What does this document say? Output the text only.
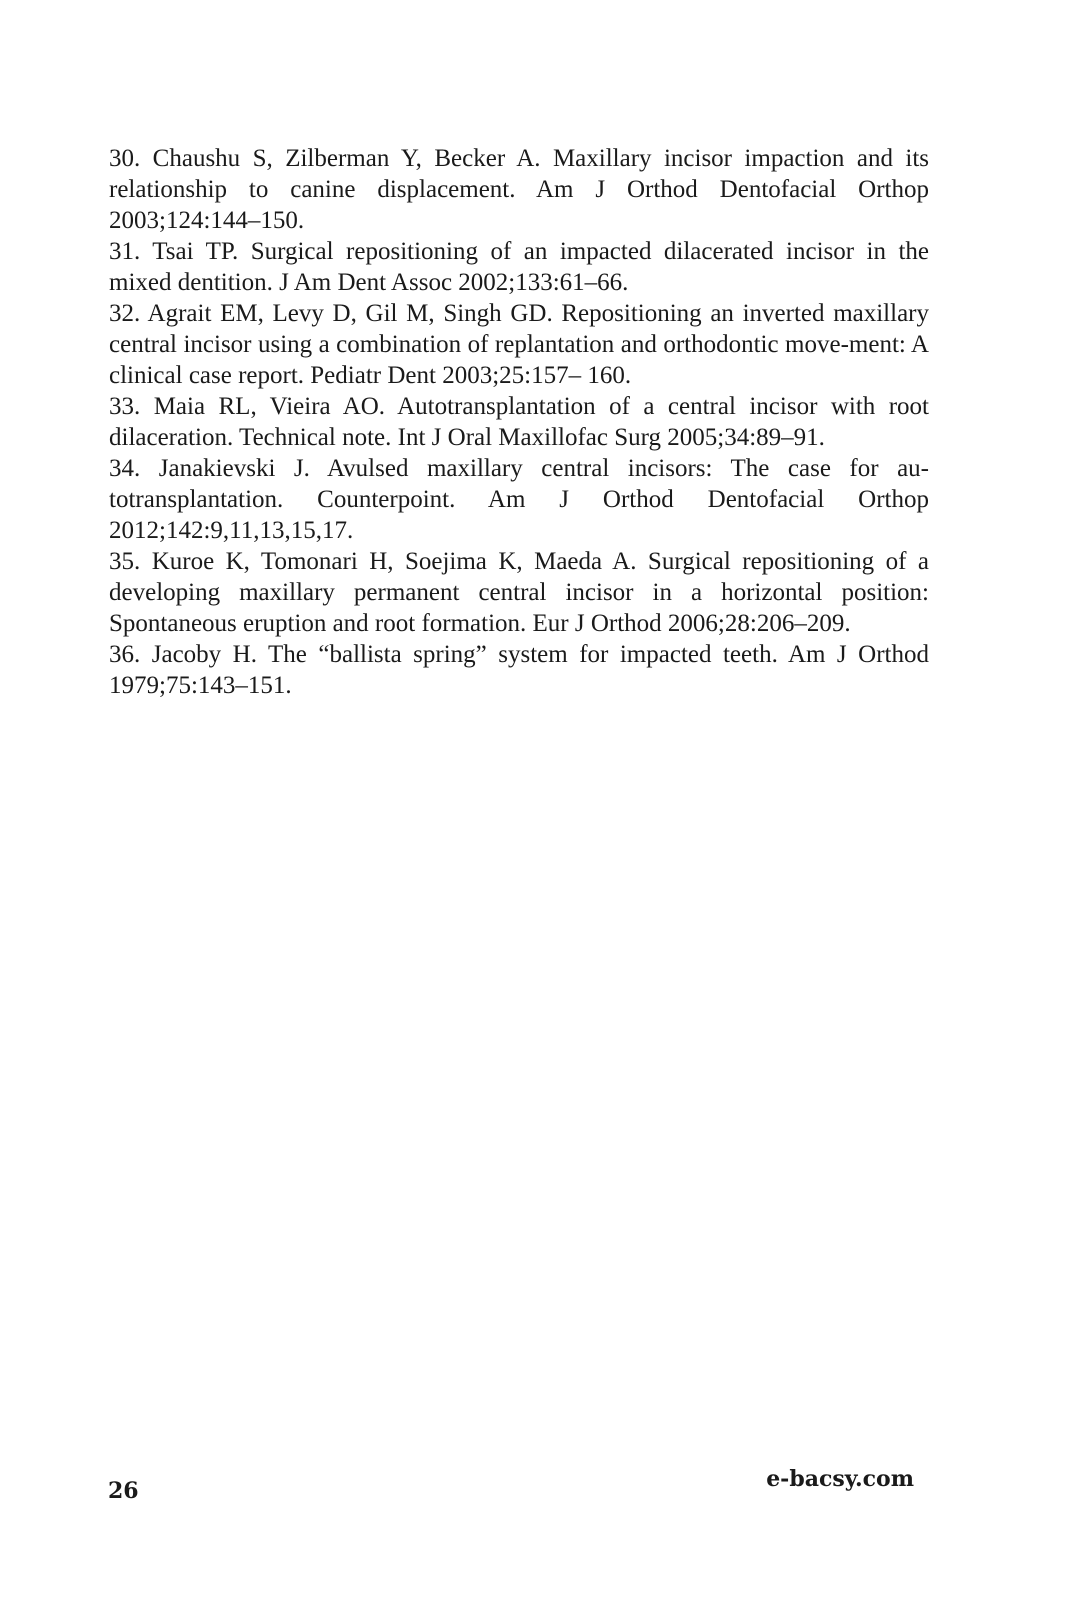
30. Chaushu S, Zilberman Y, Becker A. Maxillary incisor impaction and its relationship to canine displacement. Am J Orthod Dentofacial Orthop 2003;124:144–150.
31. Tsai TP. Surgical repositioning of an impacted dilacerated incisor in the mixed dentition. J Am Dent Assoc 2002;133:61–66.
32. Agrait EM, Levy D, Gil M, Singh GD. Repositioning an inverted maxillary central incisor using a combination of replantation and orthodontic move-ment: A clinical case report. Pediatr Dent 2003;25:157– 160.
33. Maia RL, Vieira AO. Autotransplantation of a central incisor with root dilaceration. Technical note. Int J Oral Maxillofac Surg 2005;34:89–91.
34. Janakievski J. Avulsed maxillary central incisors: The case for au-totransplantation. Counterpoint. Am J Orthod Dentofacial Orthop 2012;142:9,11,13,15,17.
35. Kuroe K, Tomonari H, Soejima K, Maeda A. Surgical repositioning of a developing maxillary permanent central incisor in a horizontal position: Spontaneous eruption and root formation. Eur J Orthod 2006;28:206–209.
36. Jacoby H. The “ballista spring” system for impacted teeth. Am J Orthod 1979;75:143–151.
26	e-bacsy.com
